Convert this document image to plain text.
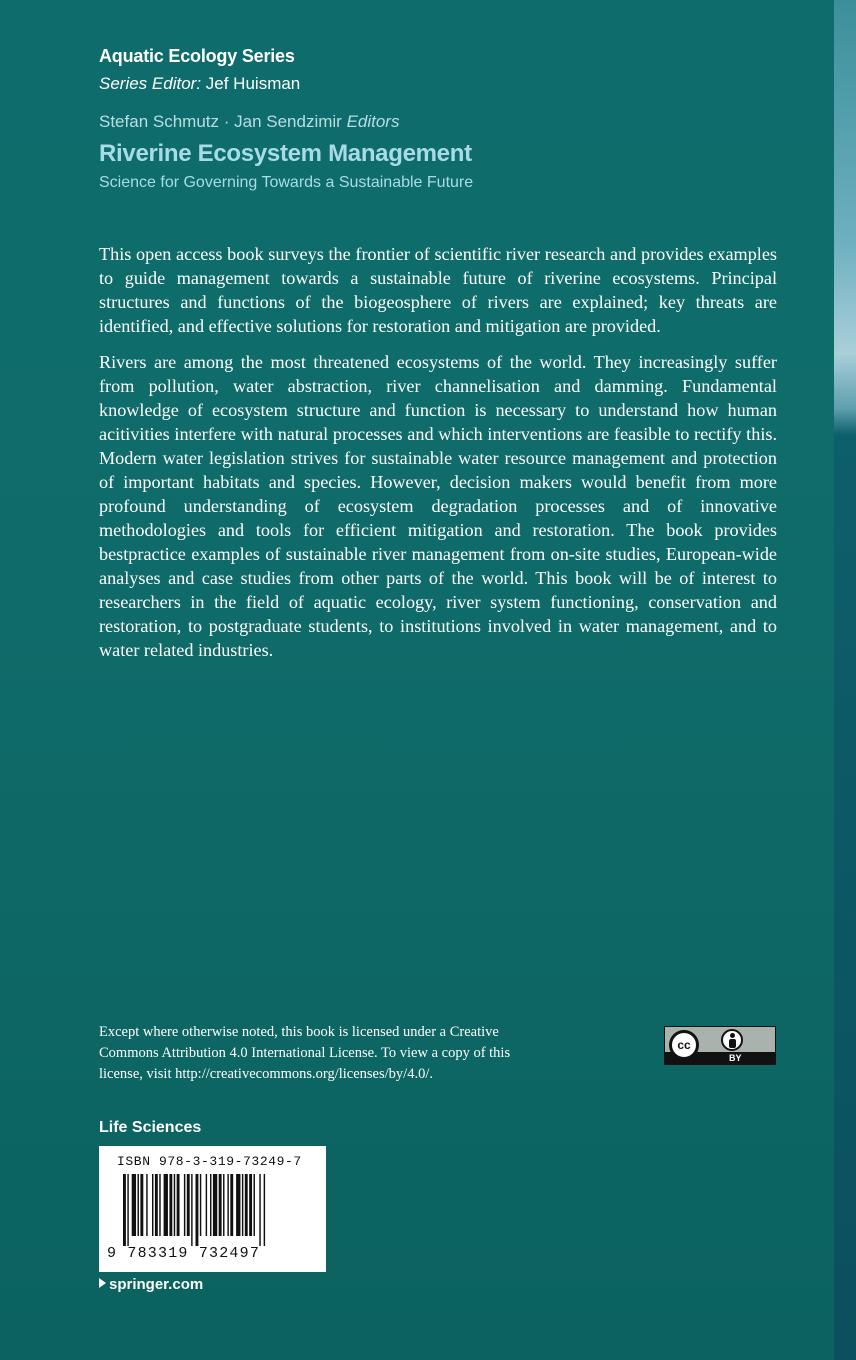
Aquatic Ecology Series
Series Editor: Jef Huisman
Stefan Schmutz · Jan Sendzimir Editors
Riverine Ecosystem Management
Science for Governing Towards a Sustainable Future

This open access book surveys the frontier of scientific river research and provides examples to guide management towards a sustainable future of riverine ecosystems. Principal structures and functions of the biogeosphere of rivers are explained; key threats are identified, and effective solutions for restoration and mitigation are provided.

Rivers are among the most threatened ecosystems of the world. They increasingly suffer from pollution, water abstraction, river channelisation and damming. Fundamental knowledge of ecosystem structure and function is necessary to understand how human acitivities interfere with natural processes and which interventions are feasible to rectify this. Modern water legislation strives for sustainable water resource management and protection of important habitats and species. However, decision makers would benefit from more profound understanding of ecosystem degradation processes and of innovative methodologies and tools for efficient mitigation and restoration. The book provides bestpractice examples of sustainable river management from on-site studies, European-wide analyses and case studies from other parts of the world. This book will be of interest to researchers in the field of aquatic ecology, river system functioning, conservation and restoration, to postgraduate students, to institutions involved in water management, and to water related industries.

Except where otherwise noted, this book is licensed under a Creative Commons Attribution 4.0 International License. To view a copy of this license, visit http://creativecommons.org/licenses/by/4.0/.
cc
BY
Life Sciences
ISBN 978-3-319-73249-7
9 783319 732497
springer.com
